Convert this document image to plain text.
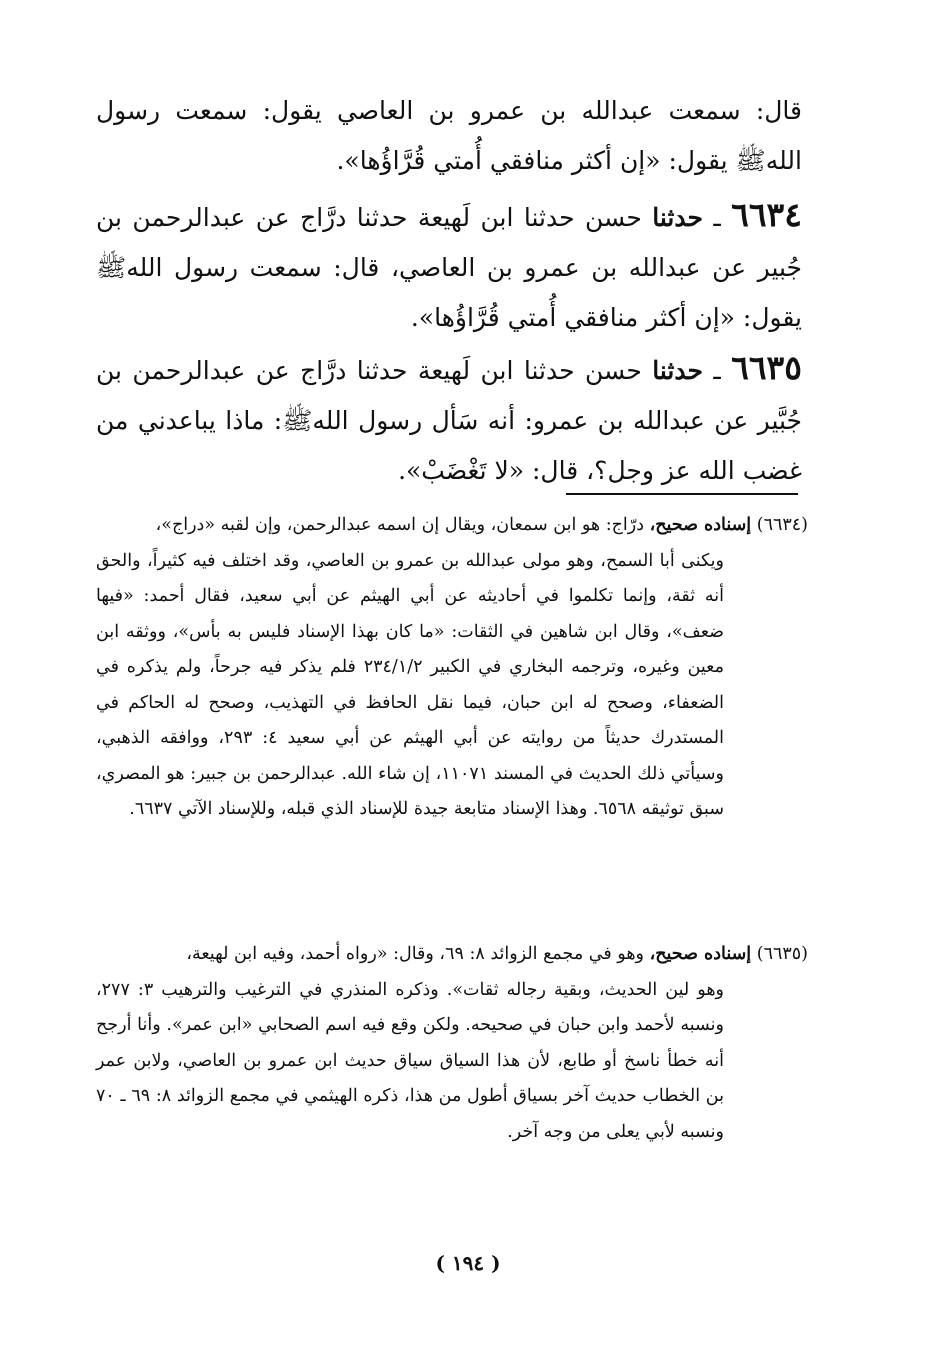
قال: سمعت عبدالله بن عمرو بن العاصي يقول: سمعت رسول اللهﷺ يقول: «إن أكثر منافقي أُمتي قُرَّاؤُها».

٦٦٣٤ ـ حدثنا حسن حدثنا ابن لَهيعة حدثنا درَّاج عن عبدالرحمن بن جُبير عن عبدالله بن عمرو بن العاصي، قال: سمعت رسول اللهﷺ يقول: «إن أكثر منافقي أُمتي قُرَّاؤُها».

٦٦٣٥ ـ حدثنا حسن حدثنا ابن لَهيعة حدثنا درَّاج عن عبدالرحمن بن جُبَّير عن عبدالله بن عمرو: أنه سَأل رسول اللهﷺ: ماذا يباعدني من غضب الله عز وجل؟، قال: «لا تَغْضَبْ».

(٦٦٣٤) إسناده صحيح، درّاج: هو ابن سمعان، ويقال إن اسمه عبدالرحمن، وإن لقبه «دراج»،
ويكنى أبا السمح، وهو مولى عبدالله بن عمرو بن العاصي، وقد اختلف فيه كثيراً، والحق أنه ثقة، وإنما تكلموا في أحاديثه عن أبي الهيثم عن أبي سعيد، فقال أحمد: «فيها ضعف»، وقال ابن شاهين في الثقات: «ما كان بهذا الإسناد فليس به بأس»، ووثقه ابن معين وغيره، وترجمه البخاري في الكبير ٢٣٤/١/٢ فلم يذكر فيه جرحاً، ولم يذكره في الضعفاء، وصحح له ابن حبان، فيما نقل الحافظ في التهذيب، وصحح له الحاكم في المستدرك حديثاً من روايته عن أبي الهيثم عن أبي سعيد ٤: ٢٩٣، ووافقه الذهبي، وسيأتي ذلك الحديث في المسند ١١٠٧١، إن شاء الله. عبدالرحمن بن جبير: هو المصري، سبق توثيقه ٦٥٦٨. وهذا الإسناد متابعة جيدة للإسناد الذي قبله، وللإسناد الآتي ٦٦٣٧.

(٦٦٣٥) إسناده صحيح، وهو في مجمع الزوائد ٨: ٦٩، وقال: «رواه أحمد، وفيه ابن لهيعة،
وهو لين الحديث، وبقية رجاله ثقات». وذكره المنذري في الترغيب والترهيب ٣: ٢٧٧، ونسبه لأحمد وابن حبان في صحيحه. ولكن وقع فيه اسم الصحابي «ابن عمر». وأنا أرجح أنه خطأ ناسخ أو طابع، لأن هذا السياق سياق حديث ابن عمرو بن العاصي، ولابن عمر بن الخطاب حديث آخر بسياق أطول من هذا، ذكره الهيثمي في مجمع الزوائد ٨: ٦٩ ـ ٧٠ ونسبه لأبي يعلى من وجه آخر.

( ١٩٤ )
